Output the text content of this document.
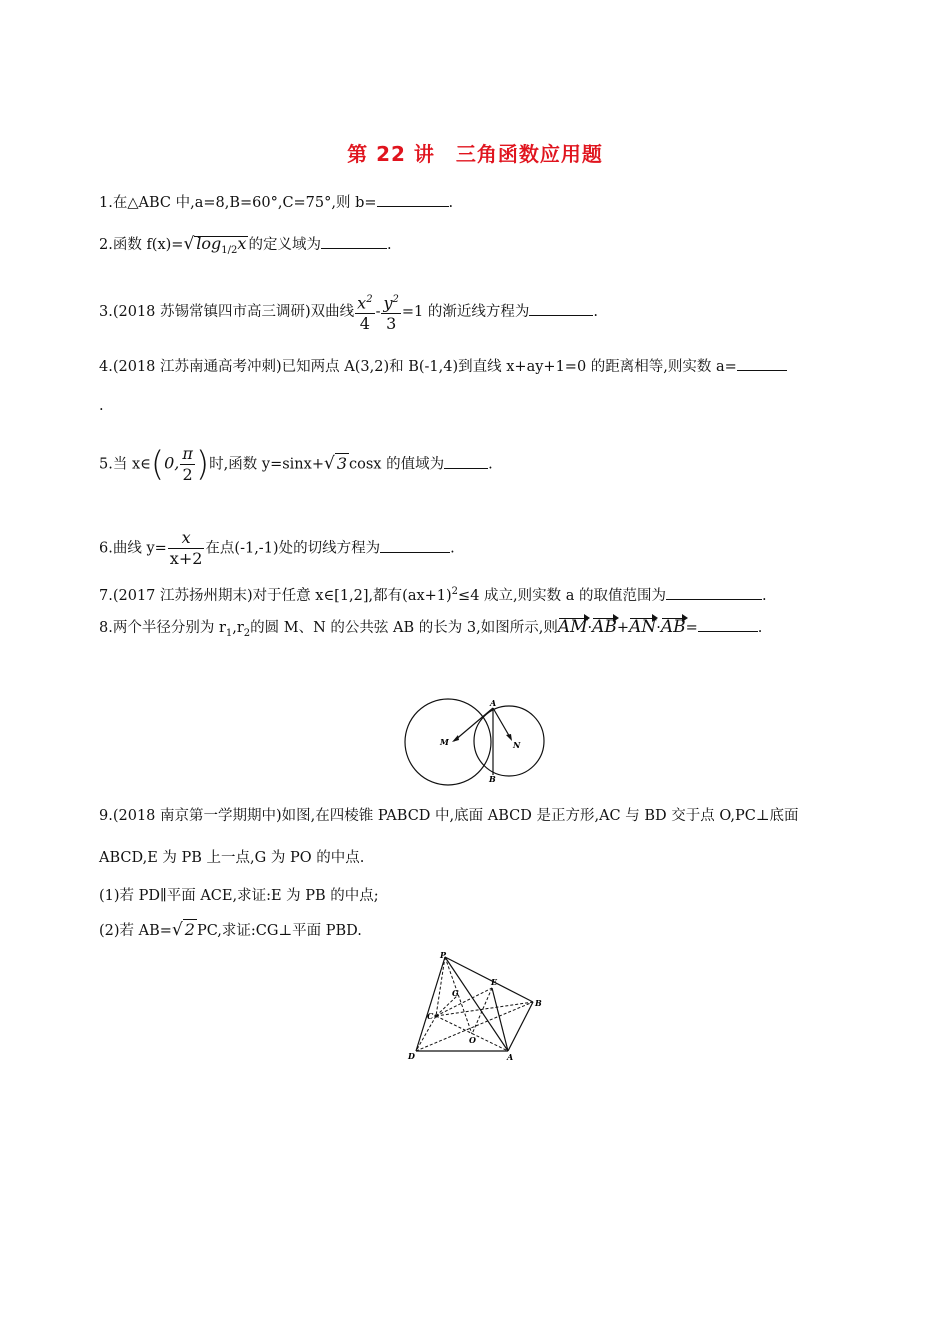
第 22 讲　三角函数应用题
1.在△ABC 中,a=8,B=60°,C=75°,则 b=	.
2.函数 f(x)=√ $\log_{1/2}x$ 的定义域为	.
3.(2018 苏锡常镇四市高三调研)双曲线 $\frac{x^2}{4} - \frac{y^2}{3} =1$ 的渐近线方程为	.
4.(2018 江苏南通高考冲刺)已知两点 A(3,2)和 B(-1,4)到直线 x+ay+1=0 的距离相等,则实数 a=
.
5.当 x∈(0, $\frac{\pi}{2}$ )时,函数 y=sinx+√ 3 cosx 的值域为	.
6.曲线 $y= \frac{x}{x+2}$ 在点(-1,-1)处的切线方程为	.
7.(2017 江苏扬州期末)对于任意 x∈[1,2],都有$(ax+1)^2\le 4$ 成立,则实数 a 的取值范围为	.
8.两个半径分别为 $r_1,r_2$的圆 M、N 的公共弦 AB 的长为 3,如图所示,则AM·AB+AN·AB=	.
A
M	N
B
9.(2018 南京第一学期期中)如图,在四棱锥 PABCD 中,底面 ABCD 是正方形,AC 与 BD 交于点 O,PC⊥底面
ABCD,E 为 PB 上一点,G 为 PO 的中点.
(1)若 PD∥平面 ACE,求证:E 为 PB 的中点;
(2)若 AB=√ 2 PC,求证:CG⊥平面 PBD.
P
E
G
C
B
O
D	A
